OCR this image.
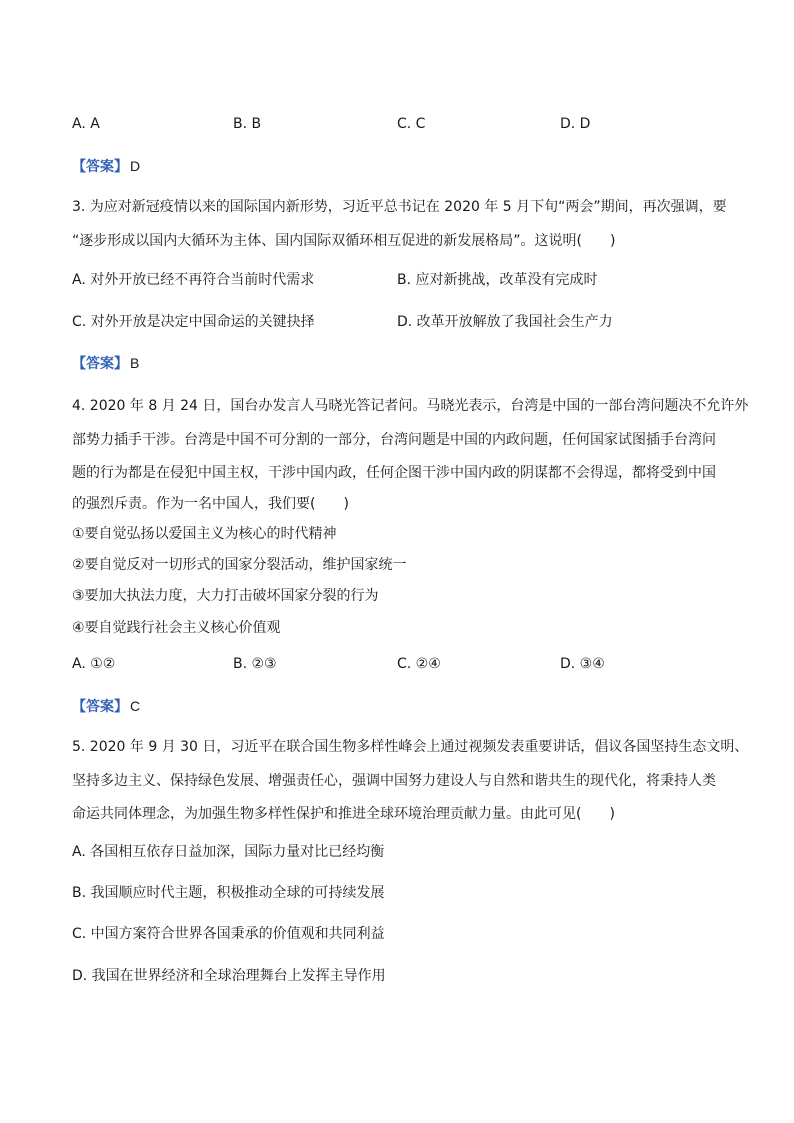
A. A	B. B	C. C	D. D
【答案】 D
3. 为应对新冠疫情以来的国际国内新形势，习近平总书记在 2020 年 5 月下旬“两会”期间，再次强调，要
“逐步形成以国内大循环为主体、国内国际双循环相互促进的新发展格局”。这说明(　　)
A. 对外开放已经不再符合当前时代需求	B. 应对新挑战，改革没有完成时
C. 对外开放是决定中国命运的关键抉择	D. 改革开放解放了我国社会生产力
【答案】 B
4. 2020 年 8 月 24 日，国台办发言人马晓光答记者问。马晓光表示，台湾是中国的一部台湾问题决不允许外
部势力插手干涉。台湾是中国不可分割的一部分，台湾问题是中国的内政问题，任何国家试图插手台湾问
题的行为都是在侵犯中国主权，干涉中国内政，任何企图干涉中国内政的阴谋都不会得逞，都将受到中国
的强烈斥责。作为一名中国人，我们要(　　)
①要自觉弘扬以爱国主义为核心的时代精神
②要自觉反对一切形式的国家分裂活动，维护国家统一
③要加大执法力度，大力打击破坏国家分裂的行为
④要自觉践行社会主义核心价值观
A. ①②	B. ②③	C. ②④	D. ③④
【答案】 C
5. 2020 年 9 月 30 日，习近平在联合国生物多样性峰会上通过视频发表重要讲话，倡议各国坚持生态文明、
坚持多边主义、保持绿色发展、增强责任心，强调中国努力建设人与自然和谐共生的现代化，将秉持人类
命运共同体理念，为加强生物多样性保护和推进全球环境治理贡献力量。由此可见(　　)
A. 各国相互依存日益加深，国际力量对比已经均衡
B. 我国顺应时代主题，积极推动全球的可持续发展
C. 中国方案符合世界各国秉承的价值观和共同利益
D. 我国在世界经济和全球治理舞台上发挥主导作用
